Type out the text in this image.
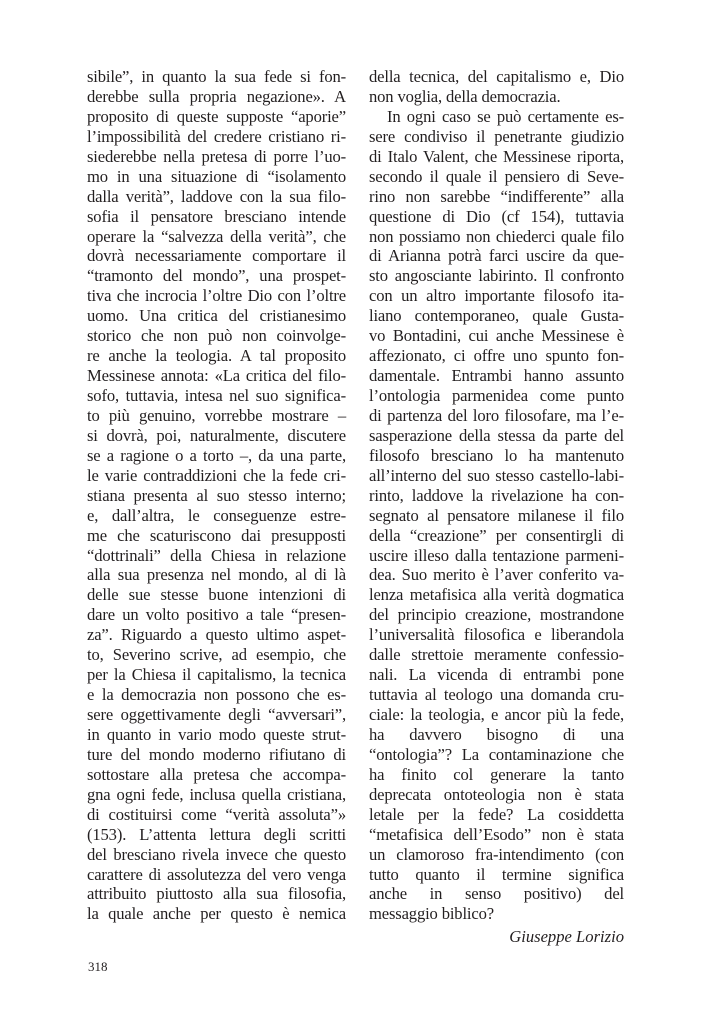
sibile”, in quanto la sua fede si fon-
derebbe sulla propria negazione». A
proposito di queste supposte “aporie”
l’impossibilità del credere cristiano ri-
siederebbe nella pretesa di porre l’uo-
mo in una situazione di “isolamento
dalla verità”, laddove con la sua filo-
sofia il pensatore bresciano intende
operare la “salvezza della verità”, che
dovrà necessariamente comportare il
“tramonto del mondo”, una prospet-
tiva che incrocia l’oltre Dio con l’oltre
uomo. Una critica del cristianesimo
storico che non può non coinvolge-
re anche la teologia. A tal proposito
Messinese annota: «La critica del filo-
sofo, tuttavia, intesa nel suo significa-
to più genuino, vorrebbe mostrare –
si dovrà, poi, naturalmente, discutere
se a ragione o a torto –, da una parte,
le varie contraddizioni che la fede cri-
stiana presenta al suo stesso interno;
e, dall’altra, le conseguenze estre-
me che scaturiscono dai presupposti
“dottrinali” della Chiesa in relazione
alla sua presenza nel mondo, al di là
delle sue stesse buone intenzioni di
dare un volto positivo a tale “presen-
za”. Riguardo a questo ultimo aspet-
to, Severino scrive, ad esempio, che
per la Chiesa il capitalismo, la tecnica
e la democrazia non possono che es-
sere oggettivamente degli “avversari”,
in quanto in vario modo queste strut-
ture del mondo moderno rifiutano di
sottostare alla pretesa che accompa-
gna ogni fede, inclusa quella cristiana,
di costituirsi come “verità assoluta”»
(153). L’attenta lettura degli scritti
del bresciano rivela invece che questo
carattere di assolutezza del vero venga
attribuito piuttosto alla sua filosofia,
la quale anche per questo è nemica
della tecnica, del capitalismo e, Dio
non voglia, della democrazia.
In ogni caso se può certamente es-
sere condiviso il penetrante giudizio
di Italo Valent, che Messinese riporta,
secondo il quale il pensiero di Seve-
rino non sarebbe “indifferente” alla
questione di Dio (cf 154), tuttavia
non possiamo non chiederci quale filo
di Arianna potrà farci uscire da que-
sto angosciante labirinto. Il confronto
con un altro importante filosofo ita-
liano contemporaneo, quale Gusta-
vo Bontadini, cui anche Messinese è
affezionato, ci offre uno spunto fon-
damentale. Entrambi hanno assunto
l’ontologia parmenidea come punto
di partenza del loro filosofare, ma l’e-
sasperazione della stessa da parte del
filosofo bresciano lo ha mantenuto
all’interno del suo stesso castello-labi-
rinto, laddove la rivelazione ha con-
segnato al pensatore milanese il filo
della “creazione” per consentirgli di
uscire illeso dalla tentazione parmeni-
dea. Suo merito è l’aver conferito va-
lenza metafisica alla verità dogmatica
del principio creazione, mostrandone
l’universalità filosofica e liberandola
dalle strettoie meramente confessio-
nali. La vicenda di entrambi pone
tuttavia al teologo una domanda cru-
ciale: la teologia, e ancor più la fede,
ha davvero bisogno di una
“ontologia”? La contaminazione che
ha finito col generare la tanto
deprecata ontoteologia non è stata
letale per la fede? La cosiddetta
“metafisica dell’Esodo” non è stata
un clamoroso fra-intendimento (con
tutto quanto il termine significa
anche in senso positivo) del
messaggio biblico?
Giuseppe Lorizio
318
